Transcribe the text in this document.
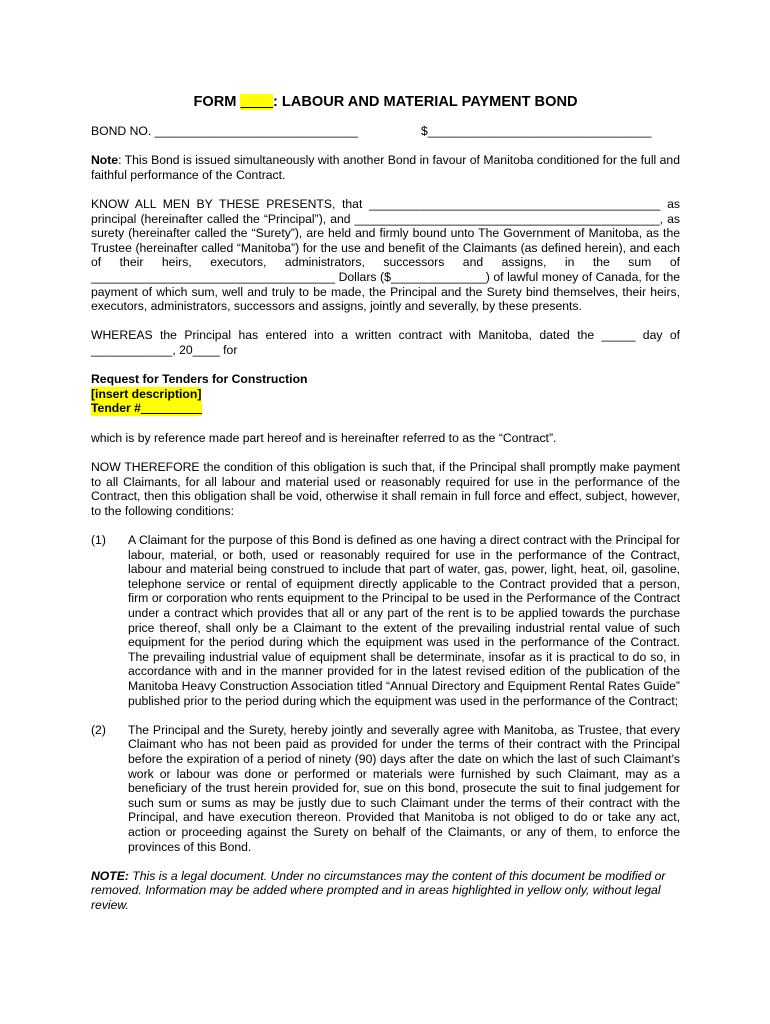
FORM ____: LABOUR AND MATERIAL PAYMENT BOND
BOND NO. ______________________________	$_________________________________
Note: This Bond is issued simultaneously with another Bond in favour of Manitoba conditioned for the full and faithful performance of the Contract.
KNOW ALL MEN BY THESE PRESENTS, that ___________________________________________ as principal (hereinafter called the “Principal”), and _____________________________________________, as surety (hereinafter called the “Surety”), are held and firmly bound unto The Government of Manitoba, as the Trustee (hereinafter called “Manitoba”) for the use and benefit of the Claimants (as defined herein), and each of their heirs, executors, administrators, successors and assigns, in the sum of ____________________________________ Dollars ($______________) of lawful money of Canada, for the payment of which sum, well and truly to be made, the Principal and the Surety bind themselves, their heirs, executors, administrators, successors and assigns, jointly and severally, by these presents.
WHEREAS the Principal has entered into a written contract with Manitoba, dated the _____ day of ____________, 20____ for
Request for Tenders for Construction
[insert description]
Tender #_________
which is by reference made part hereof and is hereinafter referred to as the “Contract”.
NOW THEREFORE the condition of this obligation is such that, if the Principal shall promptly make payment to all Claimants, for all labour and material used or reasonably required for use in the performance of the Contract, then this obligation shall be void, otherwise it shall remain in full force and effect, subject, however, to the following conditions:
(1)	A Claimant for the purpose of this Bond is defined as one having a direct contract with the Principal for labour, material, or both, used or reasonably required for use in the performance of the Contract, labour and material being construed to include that part of water, gas, power, light, heat, oil, gasoline, telephone service or rental of equipment directly applicable to the Contract provided that a person, firm or corporation who rents equipment to the Principal to be used in the Performance of the Contract under a contract which provides that all or any part of the rent is to be applied towards the purchase price thereof, shall only be a Claimant to the extent of the prevailing industrial rental value of such equipment for the period during which the equipment was used in the performance of the Contract. The prevailing industrial value of equipment shall be determinate, insofar as it is practical to do so, in accordance with and in the manner provided for in the latest revised edition of the publication of the Manitoba Heavy Construction Association titled “Annual Directory and Equipment Rental Rates Guide” published prior to the period during which the equipment was used in the performance of the Contract;
(2)	The Principal and the Surety, hereby jointly and severally agree with Manitoba, as Trustee, that every Claimant who has not been paid as provided for under the terms of their contract with the Principal before the expiration of a period of ninety (90) days after the date on which the last of such Claimant's work or labour was done or performed or materials were furnished by such Claimant, may as a beneficiary of the trust herein provided for, sue on this bond, prosecute the suit to final judgement for such sum or sums as may be justly due to such Claimant under the terms of their contract with the Principal, and have execution thereon. Provided that Manitoba is not obliged to do or take any act, action or proceeding against the Surety on behalf of the Claimants, or any of them, to enforce the provinces of this Bond.
NOTE: This is a legal document. Under no circumstances may the content of this document be modified or removed. Information may be added where prompted and in areas highlighted in yellow only, without legal review.
